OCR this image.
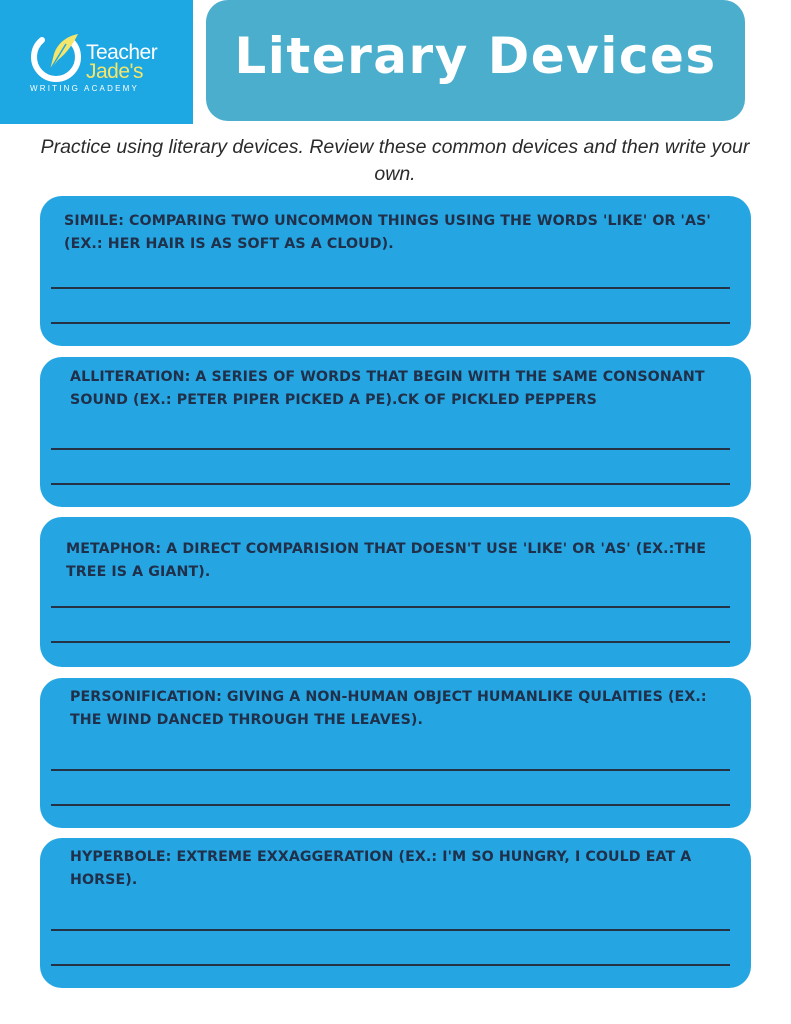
Teacher
Jade's
WRITING ACADEMY
Literary Devices
Practice using literary devices. Review these common devices and then write your own.
SIMILE: COMPARING TWO UNCOMMON THINGS USING THE WORDS 'LIKE' OR 'AS' (EX.: HER HAIR IS AS SOFT AS A CLOUD).
ALLITERATION: A SERIES OF WORDS THAT BEGIN WITH THE SAME CONSONANT SOUND (EX.: PETER PIPER PICKED A PE).CK OF PICKLED PEPPERS
METAPHOR: A DIRECT COMPARISION THAT DOESN'T USE 'LIKE' OR 'AS' (EX.:THE TREE IS A GIANT).
PERSONIFICATION: GIVING A NON-HUMAN OBJECT HUMANLIKE QULAITIES (EX.: THE WIND DANCED THROUGH THE LEAVES).
HYPERBOLE: EXTREME EXXAGGERATION (EX.: I'M SO HUNGRY, I COULD EAT A HORSE).
